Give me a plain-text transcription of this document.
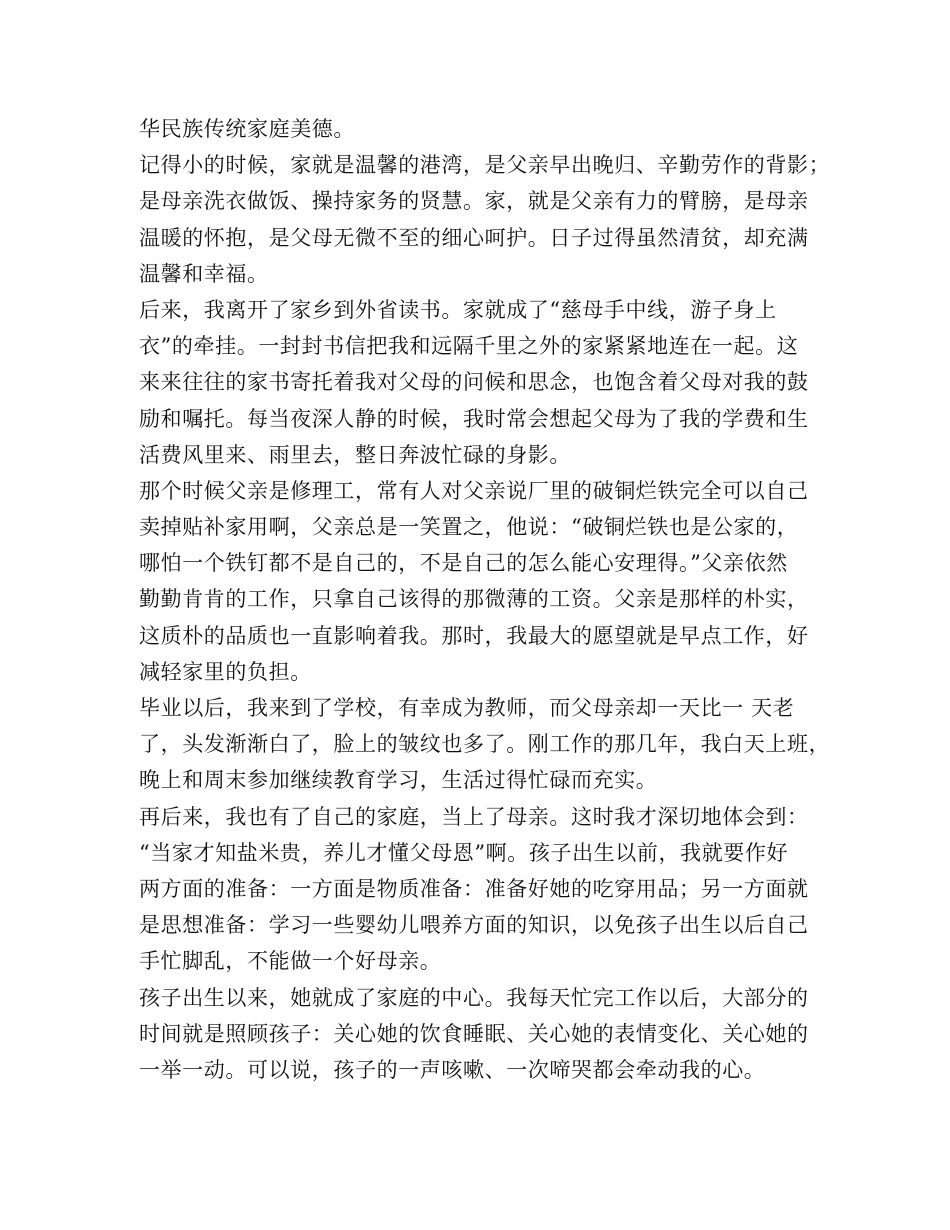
华民族传统家庭美德。
记得小的时候，家就是温馨的港湾，是父亲早出晚归、辛勤劳作的背影；
是母亲洗衣做饭、操持家务的贤慧。家，就是父亲有力的臂膀，是母亲
温暖的怀抱，是父母无微不至的细心呵护。日子过得虽然清贫，却充满
温馨和幸福。
后来，我离开了家乡到外省读书。家就成了“慈母手中线，游子身上
衣”的牵挂。一封封书信把我和远隔千里之外的家紧紧地连在一起。这
来来往往的家书寄托着我对父母的问候和思念，也饱含着父母对我的鼓
励和嘱托。每当夜深人静的时候，我时常会想起父母为了我的学费和生
活费风里来、雨里去，整日奔波忙碌的身影。
那个时候父亲是修理工，常有人对父亲说厂里的破铜烂铁完全可以自己
卖掉贴补家用啊，父亲总是一笑置之，他说：“破铜烂铁也是公家的，
哪怕一个铁钉都不是自己的，不是自己的怎么能心安理得。”父亲依然
勤勤肯肯的工作，只拿自己该得的那微薄的工资。父亲是那样的朴实，
这质朴的品质也一直影响着我。那时，我最大的愿望就是早点工作，好
减轻家里的负担。
毕业以后，我来到了学校，有幸成为教师，而父母亲却一天比一 天老
了，头发渐渐白了，脸上的皱纹也多了。刚工作的那几年，我白天上班，
晚上和周末参加继续教育学习，生活过得忙碌而充实。
再后来，我也有了自己的家庭，当上了母亲。这时我才深切地体会到：
“当家才知盐米贵，养儿才懂父母恩”啊。孩子出生以前，我就要作好
两方面的准备：一方面是物质准备：准备好她的吃穿用品；另一方面就
是思想准备：学习一些婴幼儿喂养方面的知识，以免孩子出生以后自己
手忙脚乱，不能做一个好母亲。
孩子出生以来，她就成了家庭的中心。我每天忙完工作以后，大部分的
时间就是照顾孩子：关心她的饮食睡眠、关心她的表情变化、关心她的
一举一动。可以说，孩子的一声咳嗽、一次啼哭都会牵动我的心。
